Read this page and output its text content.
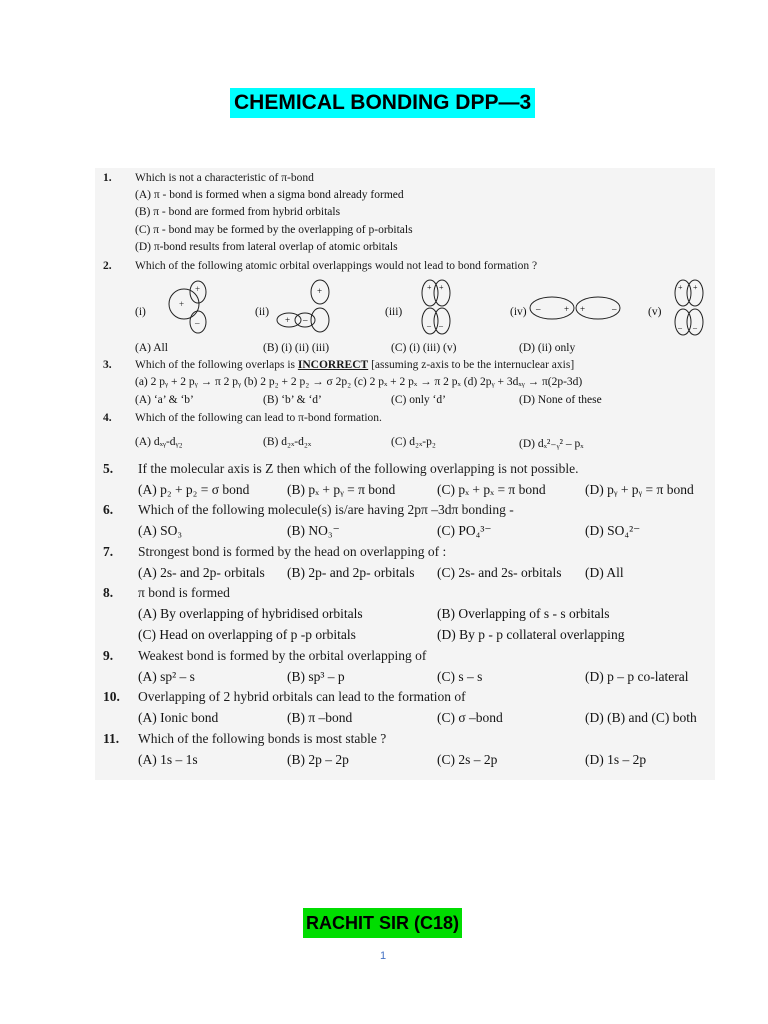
CHEMICAL BONDING DPP—3
1. Which is not a characteristic of π-bond
(A) π - bond is formed when a sigma bond already formed
(B) π - bond are formed from hybrid orbitals
(C) π - bond may be formed by the overlapping of p-orbitals
(D) π-bond results from lateral overlap of atomic orbitals
2. Which of the following atomic orbital overlappings would not lead to bond formation ?
(i)
+
+
–
(ii)
+
+ –
(iii)
+ +
– –
(iv) –	+ +	–	(v)
+ +
– –
(A) All	(B) (i) (ii) (iii)	(C) (i) (iii) (v)	(D) (ii) only
3. Which of the following overlaps is INCORRECT [assuming z-axis to be the internuclear axis]
(a) 2 pᵧ + 2 pᵧ → π 2 pᵧ (b) 2 p₂ + 2 p₂ → σ 2p₂ (c) 2 pₓ + 2 pₓ → π 2 pₓ (d) 2pᵧ + 3dₓᵧ → π(2p-3d)
(A) ‘a’ & ‘b’	(B) ‘b’ & ‘d’	(C) only ‘d’	(D) None of these
4. Which of the following can lead to π-bond formation.
(A) dₓᵧ-dᵧ₂	(B) d₂ₓ-d₂ₓ	(C) d₂ₓ-p₂	(D) dₓ²₋ᵧ² – pₓ
5. If the molecular axis is Z then which of the following overlapping is not possible.
(A) p₂ + p₂ = σ bond	(B) pₓ + pᵧ = π bond	(C) pₓ + pₓ = π bond	(D) pᵧ + pᵧ = π bond
6. Which of the following molecule(s) is/are having 2pπ –3dπ bonding -
(A) SO₃	(B) NO₃⁻	(C) PO₄³⁻	(D) SO₄²⁻
7. Strongest bond is formed by the head on overlapping of :
(A) 2s- and 2p- orbitals (B) 2p- and 2p- orbitals (C) 2s- and 2s- orbitals (D) All
8. π bond is formed
(A) By overlapping of hybridised orbitals	(B) Overlapping of s - s orbitals
(C) Head on overlapping of p -p orbitals	(D) By p - p collateral overlapping
9. Weakest bond is formed by the orbital overlapping of
(A) sp² – s	(B) sp³ – p	(C) s – s	(D) p – p co-lateral
10. Overlapping of 2 hybrid orbitals can lead to the formation of
(A) Ionic bond	(B) π –bond	(C) σ –bond	(D) (B) and (C) both
11. Which of the following bonds is most stable ?
(A) 1s – 1s	(B) 2p – 2p	(C) 2s – 2p	(D) 1s – 2p
RACHIT SIR (C18)
1
